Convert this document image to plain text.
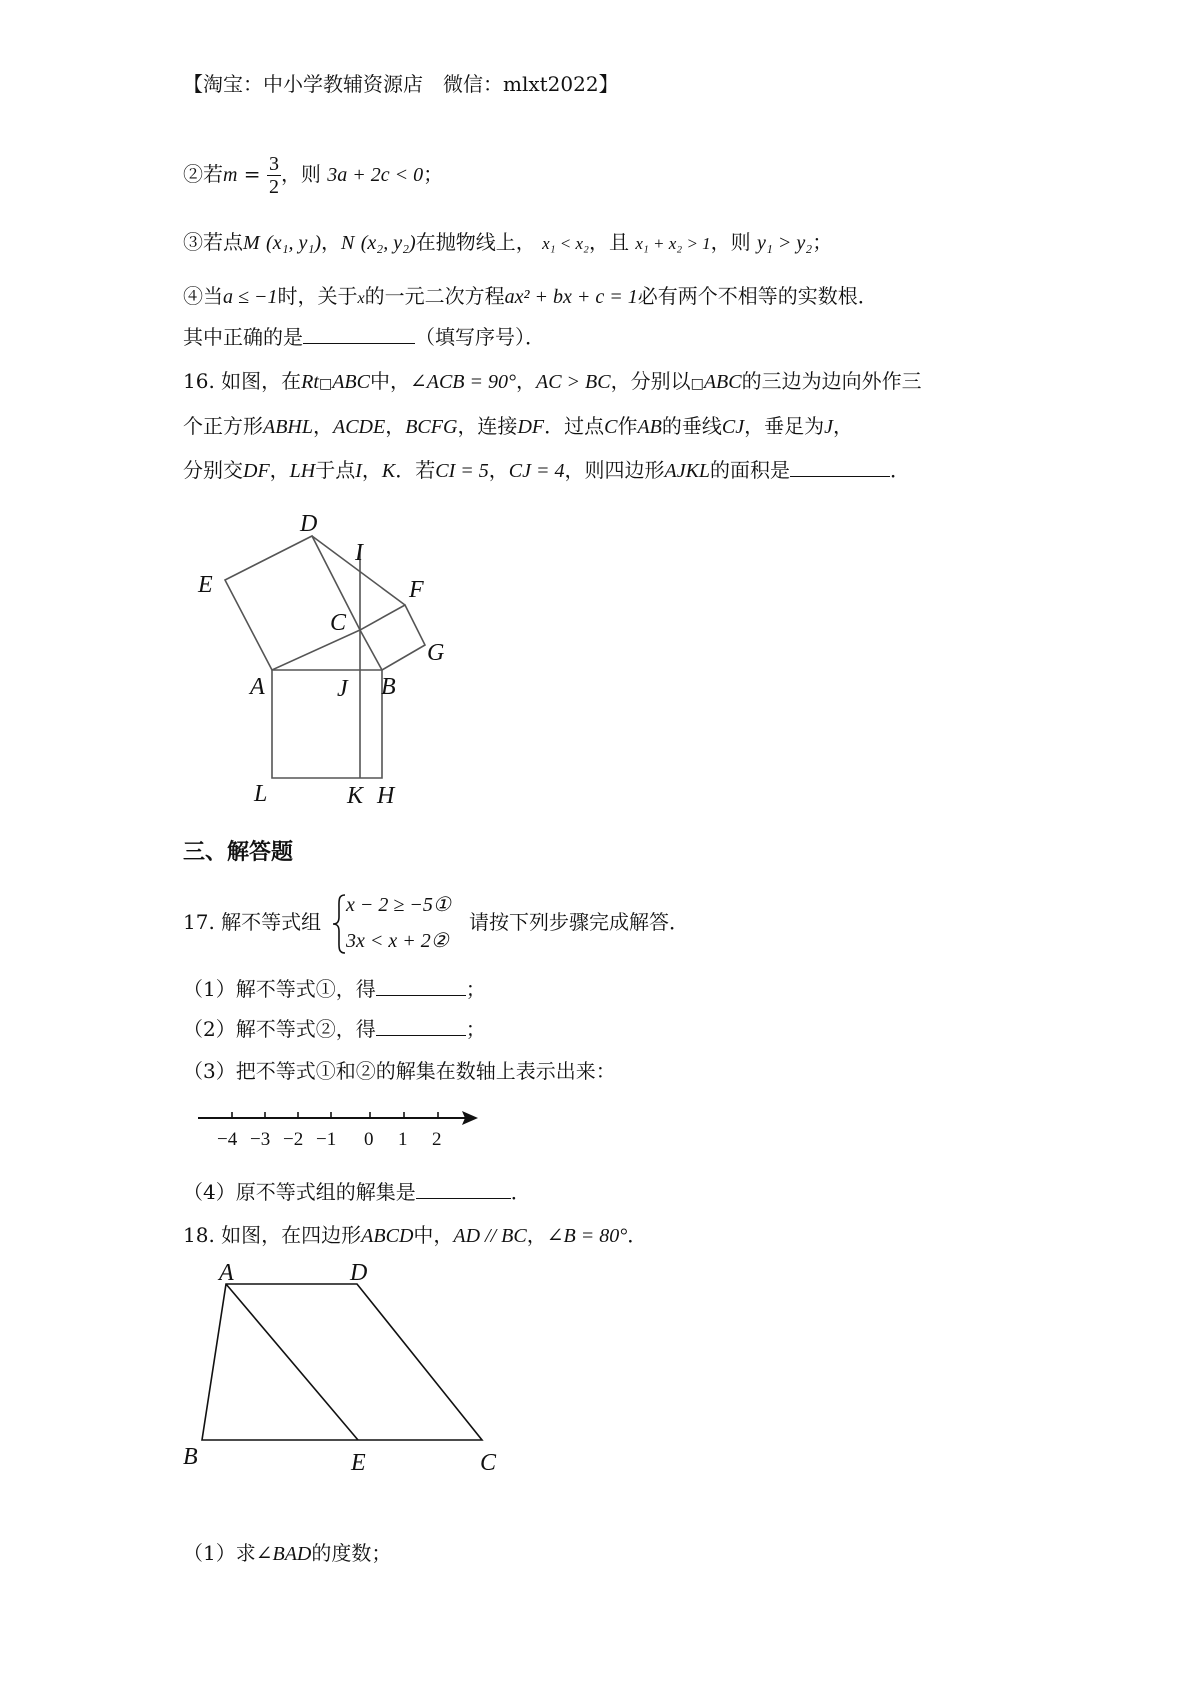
【淘宝：中小学教辅资源店　微信：mlxt2022】
②若$m = \frac{3}{2}$ ，则 3a + 2c < 0；
③若点M (x₁, y₁)，N (x₂, y₂)在抛物线上， x₁ < x₂，且 x₁ + x₂ > 1，则 y₁ > y₂；
④当a ≤ −1时，关于x的一元二次方程ax² + bx + c = 1必有两个不相等的实数根．
其中正确的是	（填写序号）．
16. 如图，在Rt□ABC中，∠ACB = 90°，AC > BC，分别以□ABC的三边为边向外作三
个正方形ABHL，ACDE，BCFG，连接DF．过点C作AB的垂线CJ，垂足为J，
分别交DF，LH于点I，K．若CI = 5，CJ = 4，则四边形AJKL的面积是	．
D
I
E	F
C
G
A	J B
L	K H
三、解答题
17. 解不等式组
x − 2 ≥ −5①
3x < x + 2②
请按下列步骤完成解答．
（1）解不等式①，得	；
（2）解不等式②，得	；
（3）把不等式①和②的解集在数轴上表示出来：
−4 −3 −2 −1 0 1 2
（4）原不等式组的解集是	．
18. 如图，在四边形ABCD中，AD // BC，∠B = 80°．
A	D
B	E	C
（1）求∠BAD的度数；
